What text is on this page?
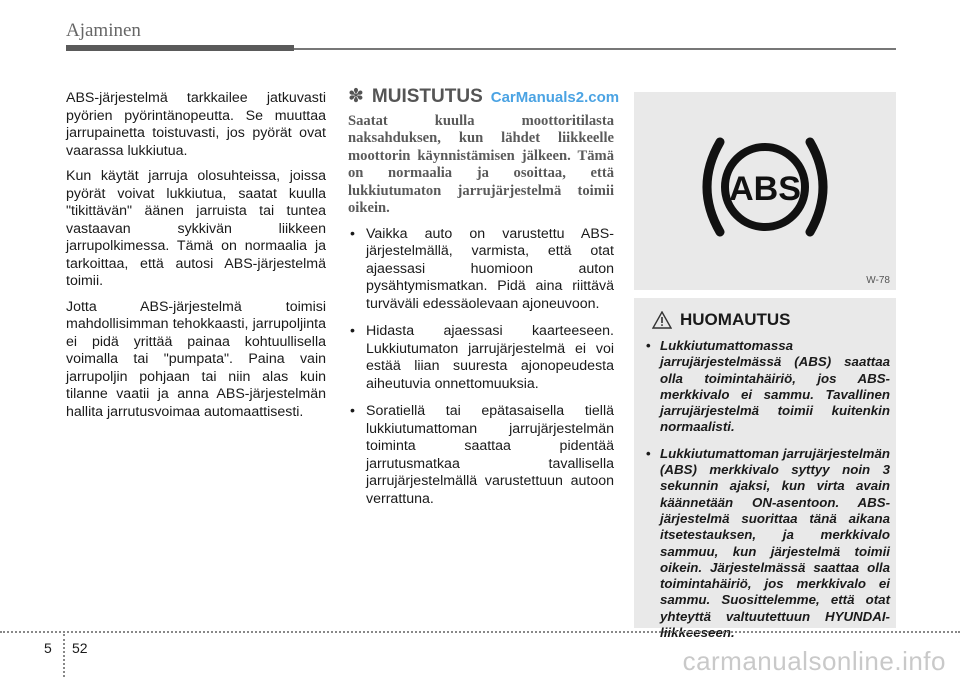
Ajaminen

ABS-järjestelmä tarkkailee jatkuvasti pyörien pyörintänopeutta. Se muuttaa jarrupainetta toistuvasti, jos pyörät ovat vaarassa lukkiutua.

Kun käytät jarruja olosuhteissa, joissa pyörät voivat lukkiutua, saatat kuulla "tikittävän" äänen jarruista tai tuntea vastaavan sykkivän liikkeen jarrupolkimessa. Tämä on normaalia ja tarkoittaa, että autosi ABS-järjestelmä toimii.

Jotta ABS-järjestelmä toimisi mahdollisimman tehokkaasti, jarrupoljinta ei pidä yrittää painaa kohtuullisella voimalla tai "pumpata". Paina vain jarrupoljin pohjaan tai niin alas kuin tilanne vaatii ja anna ABS-järjestelmän hallita jarrutusvoimaa automaattisesti.

✽ MUISTUTUS CarManuals2.com

Saatat kuulla moottoritilasta naksahduksen, kun lähdet liikkeelle moottorin käynnistämisen jälkeen. Tämä on normaalia ja osoittaa, että lukkiutumaton jarrujärjestelmä toimii oikein.

• Vaikka auto on varustettu ABS-järjestelmällä, varmista, että otat ajaessasi huomioon auton pysähtymismatkan. Pidä aina riittävä turväväli edessäolevaan ajoneuvoon.
• Hidasta ajaessasi kaarteeseen. Lukkiutumaton jarrujärjestelmä ei voi estää liian suuresta ajonopeudesta aiheutuvia onnettomuuksia.
• Soratiellä tai epätasaisella tiellä lukkiutumattoman jarrujärjestelmän toiminta saattaa pidentää jarrutusmatkaa tavallisella jarrujärjestelmällä varustettuun autoon verrattuna.
ABS
W-78
HUOMAUTUS
• Lukkiutumattomassa jarrujärjestelmässä (ABS) saattaa olla toimintahäiriö, jos ABS-merkkivalo ei sammu. Tavallinen jarrujärjestelmä toimii kuitenkin normaalisti.
• Lukkiutumattoman jarrujärjestelmän (ABS) merkkivalo syttyy noin 3 sekunnin ajaksi, kun virta avain käännetään ON-asentoon. ABS-järjestelmä suorittaa tänä aikana itsetestauksen, ja merkkivalo sammuu, kun järjestelmä toimii oikein. Järjestelmässä saattaa olla toimintahäiriö, jos merkkivalo ei sammu. Suosittelemme, että otat yhteyttä valtuutettuun HYUNDAI-liikkeeseen.
5 52	carmanualsonline.info
